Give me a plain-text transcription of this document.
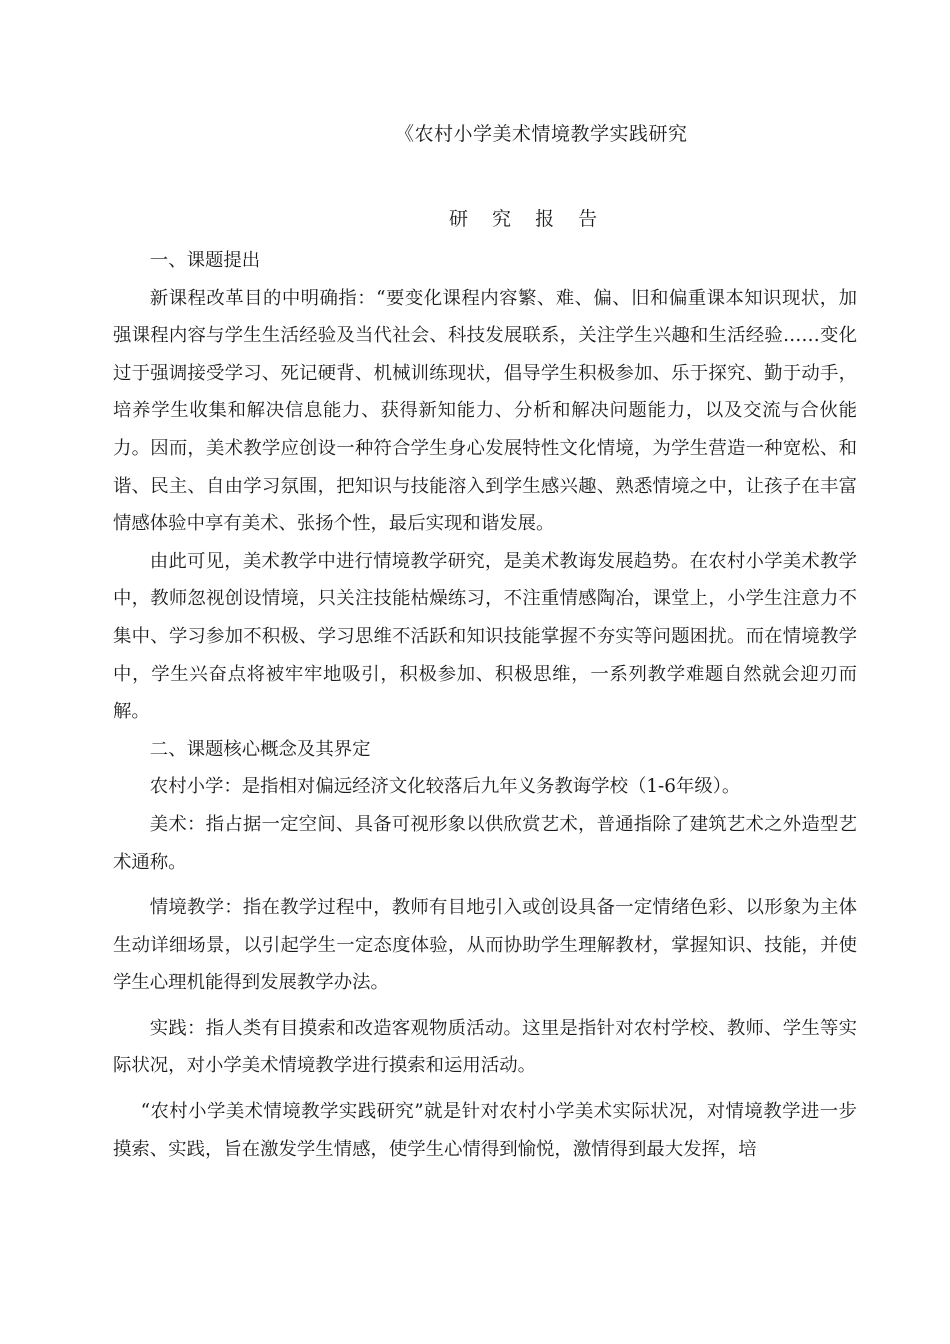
《农村小学美术情境教学实践研究
研 究 报 告

一、课题提出

新课程改革目的中明确指：“要变化课程内容繁、难、偏、旧和偏重课本知识现状，加强课程内容与学生生活经验及当代社会、科技发展联系，关注学生兴趣和生活经验……变化过于强调接受学习、死记硬背、机械训练现状，倡导学生积极参加、乐于探究、勤于动手，培养学生收集和解决信息能力、获得新知能力、分析和解决问题能力，以及交流与合伙能力。因而，美术教学应创设一种符合学生身心发展特性文化情境，为学生营造一种宽松、和谐、民主、自由学习氛围，把知识与技能溶入到学生感兴趣、熟悉情境之中，让孩子在丰富情感体验中享有美术、张扬个性，最后实现和谐发展。

由此可见，美术教学中进行情境教学研究，是美术教诲发展趋势。在农村小学美术教学中，教师忽视创设情境，只关注技能枯燥练习，不注重情感陶冶，课堂上，小学生注意力不集中、学习参加不积极、学习思维不活跃和知识技能掌握不夯实等问题困扰。而在情境教学中，学生兴奋点将被牢牢地吸引，积极参加、积极思维，一系列教学难题自然就会迎刃而解。

二、课题核心概念及其界定

农村小学：是指相对偏远经济文化较落后九年义务教诲学校（1-6年级）。

美术：指占据一定空间、具备可视形象以供欣赏艺术，普通指除了建筑艺术之外造型艺术通称。

情境教学：指在教学过程中，教师有目地引入或创设具备一定情绪色彩、以形象为主体生动详细场景，以引起学生一定态度体验，从而协助学生理解教材，掌握知识、技能，并使学生心理机能得到发展教学办法。

实践：指人类有目摸索和改造客观物质活动。这里是指针对农村学校、教师、学生等实际状况，对小学美术情境教学进行摸索和运用活动。

“农村小学美术情境教学实践研究”就是针对农村小学美术实际状况，对情境教学进一步摸索、实践，旨在激发学生情感，使学生心情得到愉悦，激情得到最大发挥，培
